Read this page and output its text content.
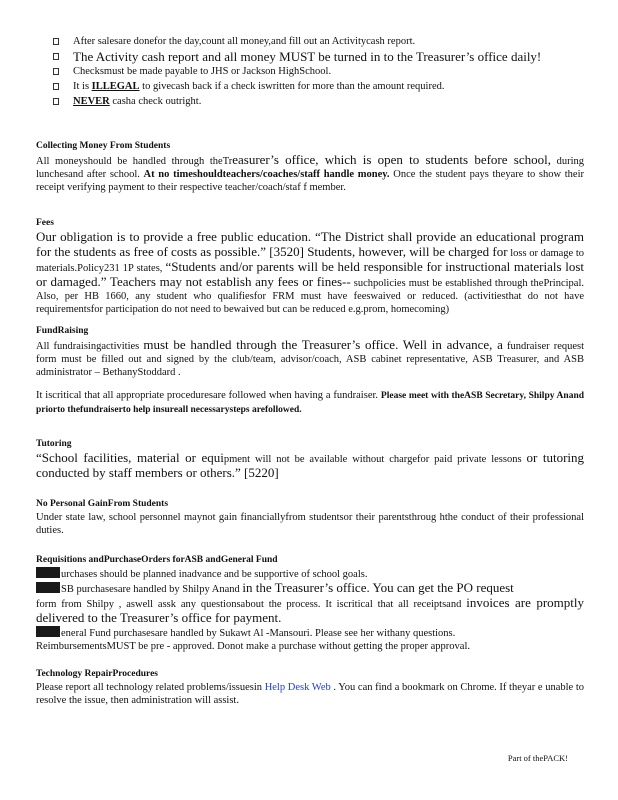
After salesare donefor the day,count all money,and fill out an Activitycash report.
The Activity cash report and all money MUST be turned in to the Treasurer’s office daily!
Checksmust be made payable to JHS or Jackson HighSchool.
It is ILLEGAL to givecash back if a check iswritten for more than the amount required.
NEVER casha check outright.
Collecting Money From Students
All moneyshould be handled through theTreasurer’s office, which is open to students before school, during lunchesand after school. At no timeshouldteachers/coaches/staff handle money. Once the student pays theyare to show their receipt verifying payment to their respective teacher/coach/staf f member.
Fees
Our obligation is to provide a free public education. “The District shall provide an educational program for the students as free of costs as possible.” [3520] Students, however, will be charged for loss or damage to materials.Policy231 1P states, “Students and/or parents will be held responsible for instructional materials lost or damaged.” Teachers may not establish any fees or fines-- suchpolicies must be established through thePrincipal. Also, per HB 1660, any student who qualifiesfor FRM must have feeswaived or reduced. (activitiesthat do not have requirementsfor participation do not need to bewaived but can be reduced e.g.prom, homecoming)
FundRaising
All fundraisingactivities must be handled through the Treasurer’s office. Well in advance, a fundraiser request form must be filled out and signed by the club/team, advisor/coach, ASB cabinet representative, ASB Treasurer, and ASB administrator – BethanyStoddard .
It iscritical that all appropriate proceduresare followed when having a fundraiser. Please meet with theASB Secretary, Shilpy Anand priorto thefundraiserto help insureall necessarysteps arefollowed.
Tutoring
“School facilities, material or equipment will not be available without chargefor paid private lessons or tutoring conducted by staff members or others.” [5220]
No Personal GainFrom Students
Under state law, school personnel maynot gain financiallyfrom studentsor their parentsthroug hthe conduct of their professional duties.
Requisitions andPurchaseOrders forASB andGeneral Fund
urchases should be planned inadvance and be supportive of school goals.
SB purchasesare handled by Shilpy Anand in the Treasurer’s office. You can get the PO request
form from Shilpy , aswell assk any questionsabout the process. It iscritical that all receiptsand invoices are promptly delivered to the Treasurer’s office for payment.
eneral Fund purchasesare handled by Sukawt Al -Mansouri. Please see her withany questions.
ReimbursementsMUST be pre - approved. Donot make a purchase without getting the proper approval.
Technology RepairProcedures
Please report all technology related problems/issuesin Help Desk Web . You can find a bookmark on Chrome. If theyar e unable to resolve the issue, then administration will assist.
Part of thePACK!
